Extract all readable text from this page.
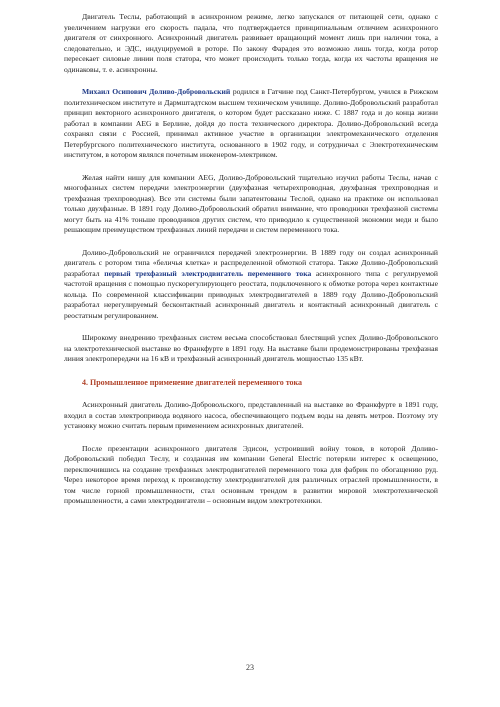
Двигатель Теслы, работающий в асинхронном режиме, легко запускался от питающей сети, однако с увеличением нагрузки его скорость падала, что подтверждается принципиальным отличием асинхронного двигателя от синхронного. Асинхронный двигатель развивает вращающий момент лишь при наличии тока, а следовательно, и ЭДС, индуцируемой в роторе. По закону Фарадея это возможно лишь тогда, когда ротор пересекает силовые линии поля статора, что может происходить только тогда, когда их частоты вращения не одинаковы, т. е. асинхронны.

Михаил Осипович Доливо-Добровольский родился в Гатчине под Санкт-Петербургом, учился в Рижском политехническом институте и Дармштадтском высшем техническом училище. Доливо-Добровольский разработал принцип векторного асинхронного двигателя, о котором будет рассказано ниже. С 1887 года и до конца жизни работал в компании AEG в Берлине, дойдя до поста технического директора. Доливо-Добровольский всегда сохранял связи с Россией, принимал активное участие в организации электромеханического отделения Петербургского политехнического института, основанного в 1902 году, и сотрудничал с Электротехническим институтом, в котором являлся почетным инженером-электриком.

Желая найти нишу для компании AEG, Доливо-Добровольский тщательно изучил работы Теслы, начав с многофазных систем передачи электроэнергии (двухфазная четырехпроводная, двухфазная трехпроводная и трехфазная трехпроводная). Все эти системы были запатентованы Теслой, однако на практике он использовал только двухфазные. В 1891 году Доливо-Добровольский обратил внимание, что проводники трехфазной системы могут быть на 41% тоньше проводников других систем, что приводило к существенной экономии меди и было решающим преимуществом трехфазных линий передачи и систем переменного тока.

Доливо-Добровольский не ограничился передачей электроэнергии. В 1889 году он создал асинхронный двигатель с ротором типа «беличья клетка» и распределенной обмоткой статора. Также Доливо-Добровольский разработал первый трехфазный электродвигатель переменного тока асинхронного типа с регулируемой частотой вращения с помощью пускорегулирующего реостата, подключенного к обмотке ротора через контактные кольца. По современной классификации приводных электродвигателей в 1889 году Доливо-Добровольский разработал нерегулируемый бесконтактный асинхронный двигатель и контактный асинхронный двигатель с реостатным регулированием.

Широкому внедрению трехфазных систем весьма способствовал блестящий успех Доливо-Добровольского на электротехнической выставке во Франкфурте в 1891 году. На выставке были продемонстрированы трехфазная линия электропередачи на 16 кВ и трехфазный асинхронный двигатель мощностью 135 кВт.

4. Промышленное применение двигателей переменного тока

Асинхронный двигатель Доливо-Добровольского, представленный на выставке во Франкфурте в 1891 году, входил в состав электропривода водяного насоса, обеспечивающего подъем воды на девять метров. Поэтому эту установку можно считать первым применением асинхронных двигателей.

После презентации асинхронного двигателя Эдисон, устроивший войну токов, в которой Доливо-Добровольский победил Теслу, и созданная им компании General Electric потеряли интерес к освещению, переключившись на создание трехфазных электродвигателей переменного тока для фабрик по обогащению руд. Через некоторое время переход к производству электродвигателей для различных отраслей промышленности, в том числе горной промышленности, стал основным трендом в развитии мировой электротехнической промышленности, а сами электродвигатели – основным видом электротехники.

23
